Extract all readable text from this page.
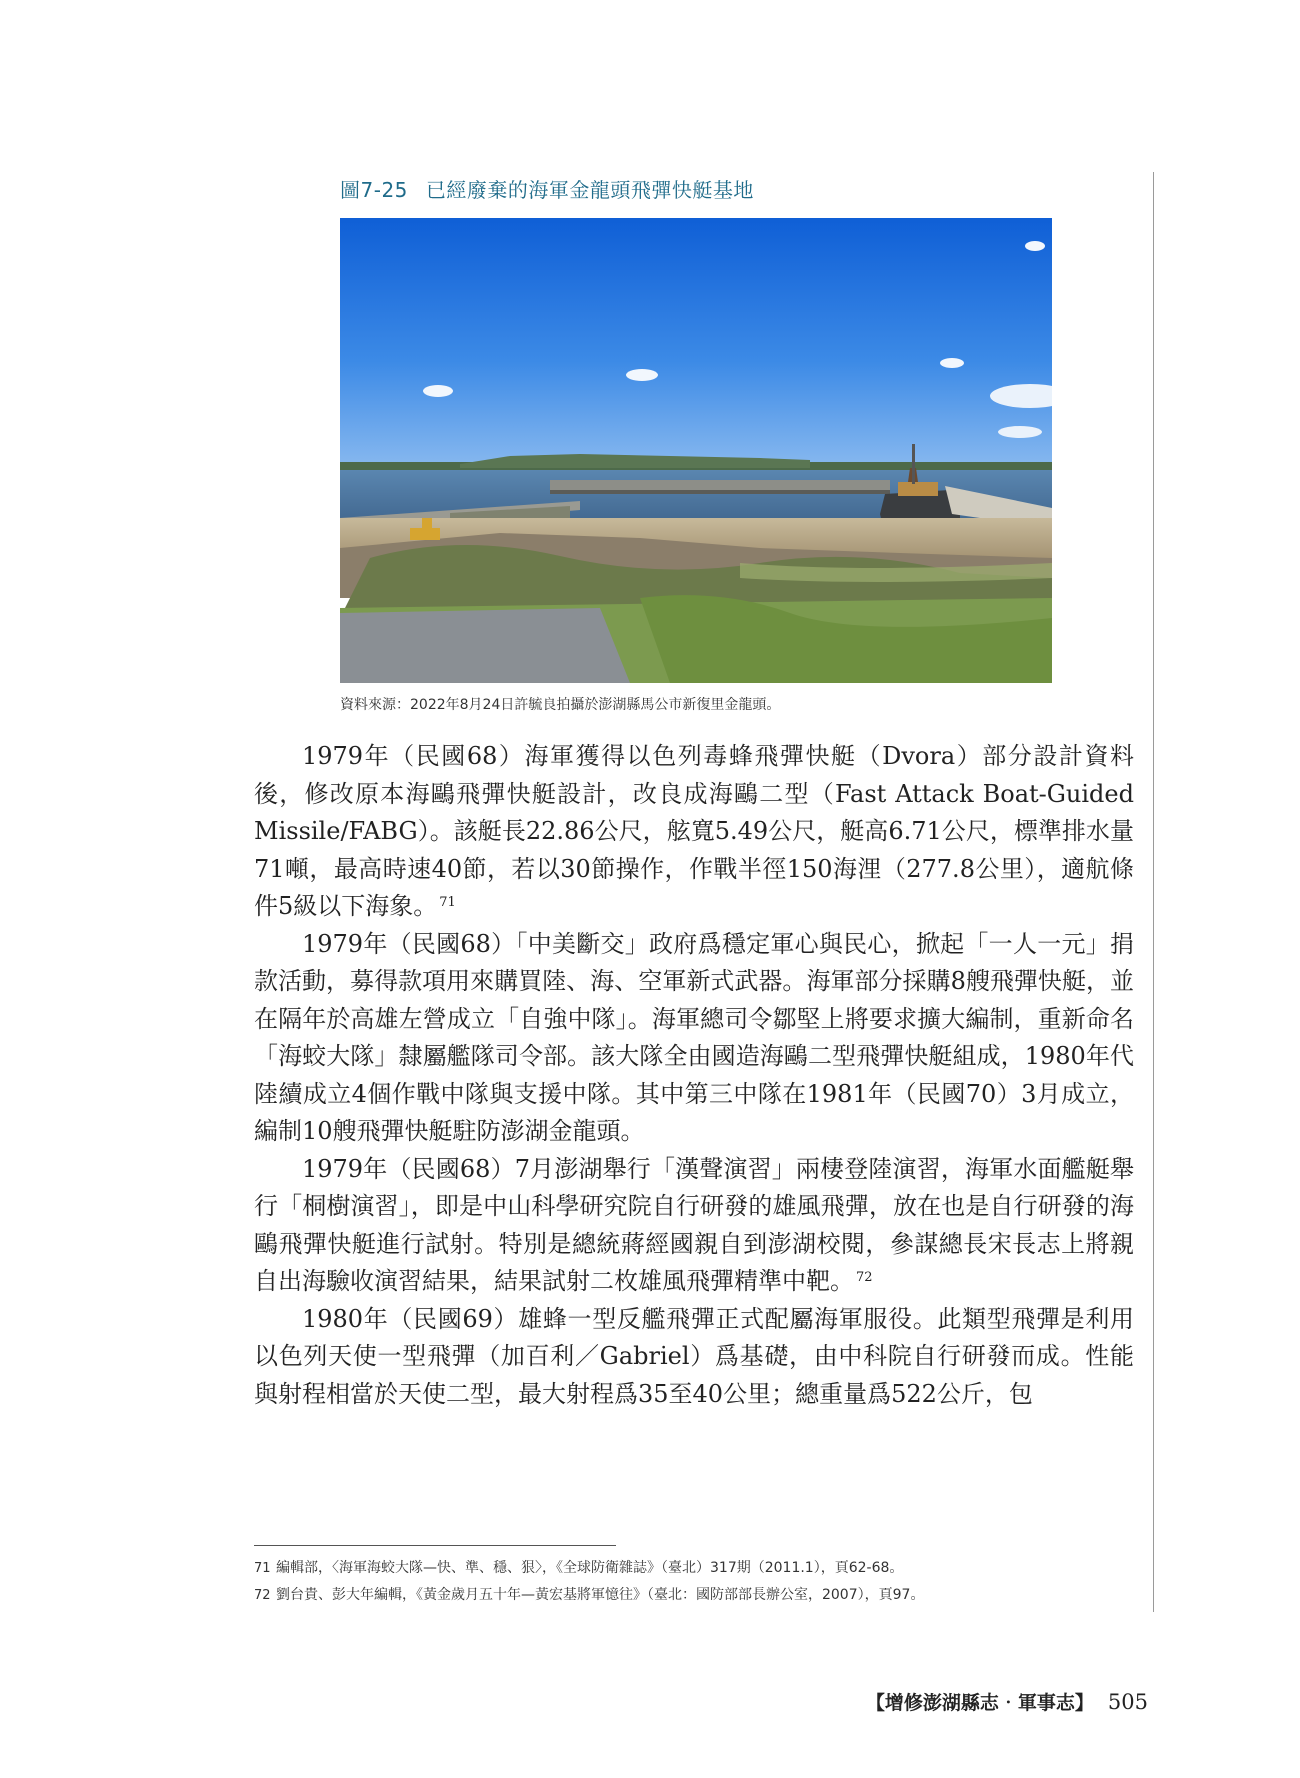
圖7-25 已經廢棄的海軍金龍頭飛彈快艇基地
資料來源：2022年8月24日許毓良拍攝於澎湖縣馬公市新復里金龍頭。

1979年（民國68）海軍獲得以色列毒蜂飛彈快艇（Dvora）部分設計資料後，修改原本海鷗飛彈快艇設計，改良成海鷗二型（Fast Attack Boat-Guided Missile/FABG）。該艇長22.86公尺，舷寬5.49公尺，艇高6.71公尺，標準排水量71噸，最高時速40節，若以30節操作，作戰半徑150海浬（277.8公里），適航條件5級以下海象。 $^{71}$

1979年（民國68）「中美斷交」政府爲穩定軍心與民心，掀起「一人一元」捐款活動，募得款項用來購買陸、海、空軍新式武器。海軍部分採購8艘飛彈快艇，並在隔年於高雄左營成立「自強中隊」。海軍總司令鄒堅上將要求擴大編制，重新命名「海蛟大隊」隸屬艦隊司令部。該大隊全由國造海鷗二型飛彈快艇組成，1980年代陸續成立4個作戰中隊與支援中隊。其中第三中隊在1981年（民國70）3月成立，編制10艘飛彈快艇駐防澎湖金龍頭。

1979年（民國68）7月澎湖舉行「漢聲演習」兩棲登陸演習，海軍水面艦艇舉行「桐樹演習」，即是中山科學研究院自行研發的雄風飛彈，放在也是自行研發的海鷗飛彈快艇進行試射。特別是總統蔣經國親自到澎湖校閱，參謀總長宋長志上將親自出海驗收演習結果，結果試射二枚雄風飛彈精準中靶。 $^{72}$

1980年（民國69）雄蜂一型反艦飛彈正式配屬海軍服役。此類型飛彈是利用以色列天使一型飛彈（加百利／Gabriel）爲基礎，由中科院自行研發而成。性能與射程相當於天使二型，最大射程爲35至40公里；總重量爲522公斤，包

71 編輯部，〈海軍海蛟大隊—快、準、穩、狠〉，《全球防衛雜誌》（臺北）317期（2011.1），頁62-68。
72 劉台貴、彭大年編輯，《黃金歲月五十年—黃宏基將軍憶往》（臺北：國防部部長辦公室，2007），頁97。
【增修澎湖縣志‧軍事志】 505
